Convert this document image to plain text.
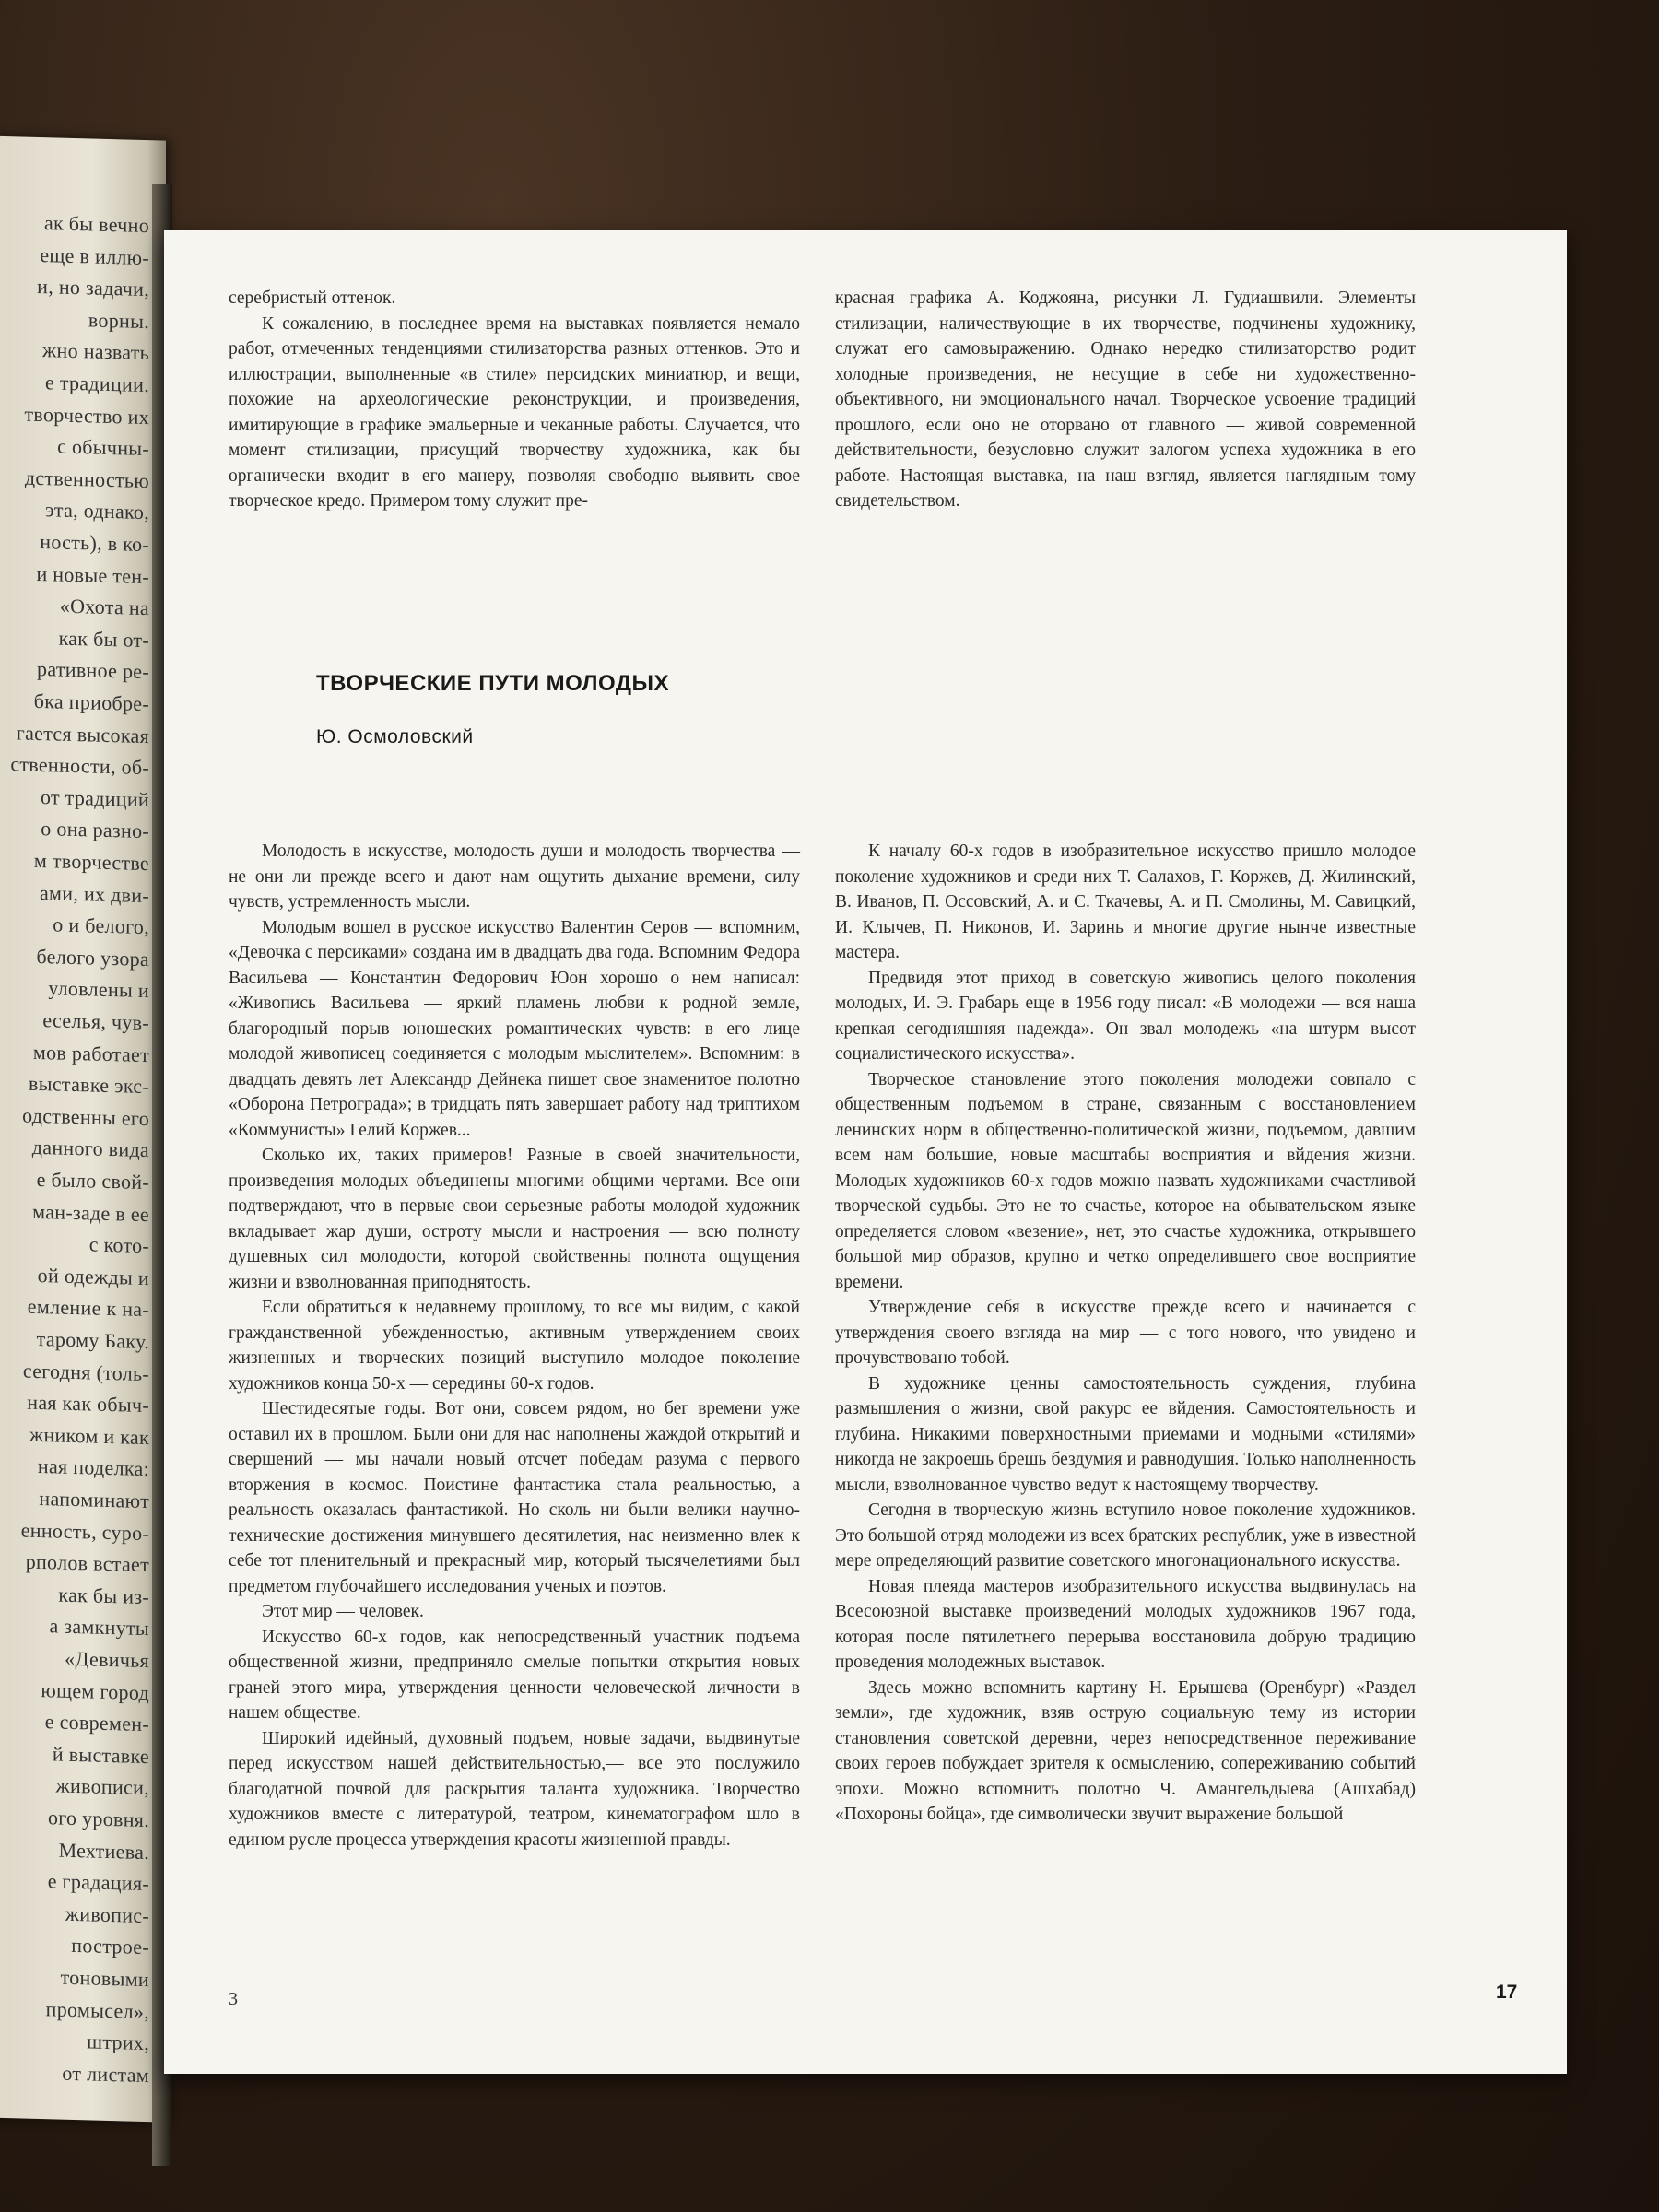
ак бы вечно
еще в иллю-
и, но задачи,
ворны.
жно назвать
е традиции.
творчество их
с обычны-
дственностью
эта, однако,
ность), в ко-
и новые тен-
«Охота на
как бы от-
ративное ре-
бка приобре-
гается высокая
ственности, об-
от традиций
о она разно-
м творчестве
ами, их дви-
о и белого,
белого узора
уловлены и
еселья, чув-
мов работает
выставке экс-
одственны его
данного вида
е было свой-
ман-заде в ее
с кото-
ой одежды и
емление к на-
тарому Баку.
сегодня (толь-
ная как обыч-
жником и как
ная поделка:
напоминают
енность, суро-
рполов встает
как бы из-
а замкнуты
«Девичья
ющем город
е современ-
й выставке
живописи,
ого уровня.
Мехтиева.
е градация-
живопис-
построе-
тоновыми
промысел»,
штрих,
от листам

серебристый оттенок.

К сожалению, в последнее время на выставках появляется немало работ, отмеченных тенденциями стилизаторства разных оттенков. Это и иллюстрации, выполненные «в стиле» персидских миниатюр, и вещи, похожие на археологические реконструкции, и произведения, имитирующие в графике эмальерные и чеканные работы. Случается, что момент стилизации, присущий творчеству художника, как бы органически входит в его манеру, позволяя свободно выявить свое творческое кредо. Примером тому служит пре-

красная графика А. Коджояна, рисунки Л. Гудиашвили. Элементы стилизации, наличествующие в их творчестве, подчинены художнику, служат его самовыражению. Однако нередко стилизаторство родит холодные произведения, не несущие в себе ни художественно-объективного, ни эмоционального начал. Творческое усвоение традиций прошлого, если оно не оторвано от главного — живой современной действительности, безусловно служит залогом успеха художника в его работе. Настоящая выставка, на наш взгляд, является наглядным тому свидетельством.

ТВОРЧЕСКИЕ ПУТИ МОЛОДЫХ
Ю. Осмоловский

Молодость в искусстве, молодость души и молодость творчества — не они ли прежде всего и дают нам ощутить дыхание времени, силу чувств, устремленность мысли.

Молодым вошел в русское искусство Валентин Серов — вспомним, «Девочка с персиками» создана им в двадцать два года. Вспомним Федора Васильева — Константин Федорович Юон хорошо о нем написал: «Живопись Васильева — яркий пламень любви к родной земле, благородный порыв юношеских романтических чувств: в его лице молодой живописец соединяется с молодым мыслителем». Вспомним: в двадцать девять лет Александр Дейнека пишет свое знаменитое полотно «Оборона Петрограда»; в тридцать пять завершает работу над триптихом «Коммунисты» Гелий Коржев...

Сколько их, таких примеров! Разные в своей значительности, произведения молодых объединены многими общими чертами. Все они подтверждают, что в первые свои серьезные работы молодой художник вкладывает жар души, остроту мысли и настроения — всю полноту душевных сил молодости, которой свойственны полнота ощущения жизни и взволнованная приподнятость.

Если обратиться к недавнему прошлому, то все мы видим, с какой гражданственной убежденностью, активным утверждением своих жизненных и творческих позиций выступило молодое поколение художников конца 50-х — середины 60-х годов.

Шестидесятые годы. Вот они, совсем рядом, но бег времени уже оставил их в прошлом. Были они для нас наполнены жаждой открытий и свершений — мы начали новый отсчет победам разума с первого вторжения в космос. Поистине фантастика стала реальностью, а реальность оказалась фантастикой. Но сколь ни были велики научно-технические достижения минувшего десятилетия, нас неизменно влек к себе тот пленительный и прекрасный мир, который тысячелетиями был предметом глубочайшего исследования ученых и поэтов.

Этот мир — человек.

Искусство 60-х годов, как непосредственный участник подъема общественной жизни, предприняло смелые попытки открытия новых граней этого мира, утверждения ценности человеческой личности в нашем обществе.

Широкий идейный, духовный подъем, новые задачи, выдвинутые перед искусством нашей действительностью,— все это послужило благодатной почвой для раскрытия таланта художника. Творчество художников вместе с литературой, театром, кинематографом шло в едином русле процесса утверждения красоты жизненной правды.

К началу 60-х годов в изобразительное искусство пришло молодое поколение художников и среди них Т. Салахов, Г. Коржев, Д. Жилинский, В. Иванов, П. Оссовский, А. и С. Ткачевы, А. и П. Смолины, М. Савицкий, И. Клычев, П. Никонов, И. Заринь и многие другие нынче известные мастера.

Предвидя этот приход в советскую живопись целого поколения молодых, И. Э. Грабарь еще в 1956 году писал: «В молодежи — вся наша крепкая сегодняшняя надежда». Он звал молодежь «на штурм высот социалистического искусства».

Творческое становление этого поколения молодежи совпало с общественным подъемом в стране, связанным с восстановлением ленинских норм в общественно-политической жизни, подъемом, давшим всем нам большие, новые масштабы восприятия и вйдения жизни. Молодых художников 60-х годов можно назвать художниками счастливой творческой судьбы. Это не то счастье, которое на обывательском языке определяется словом «везение», нет, это счастье художника, открывшего большой мир образов, крупно и четко определившего свое восприятие времени.

Утверждение себя в искусстве прежде всего и начинается с утверждения своего взгляда на мир — с того нового, что увидено и прочувствовано тобой.

В художнике ценны самостоятельность суждения, глубина размышления о жизни, свой ракурс ее вйдения. Самостоятельность и глубина. Никакими поверхностными приемами и модными «стилями» никогда не закроешь брешь бездумия и равнодушия. Только наполненность мысли, взволнованное чувство ведут к настоящему творчеству.

Сегодня в творческую жизнь вступило новое поколение художников. Это большой отряд молодежи из всех братских республик, уже в известной мере определяющий развитие советского многонационального искусства.

Новая плеяда мастеров изобразительного искусства выдвинулась на Всесоюзной выставке произведений молодых художников 1967 года, которая после пятилетнего перерыва восстановила добрую традицию проведения молодежных выставок.

Здесь можно вспомнить картину Н. Ерышева (Оренбург) «Раздел земли», где художник, взяв острую социальную тему из истории становления советской деревни, через непосредственное переживание своих героев побуждает зрителя к осмыслению, сопереживанию событий эпохи. Можно вспомнить полотно Ч. Амангельдыева (Ашхабад) «Похороны бойца», где символически звучит выражение большой

3	17
